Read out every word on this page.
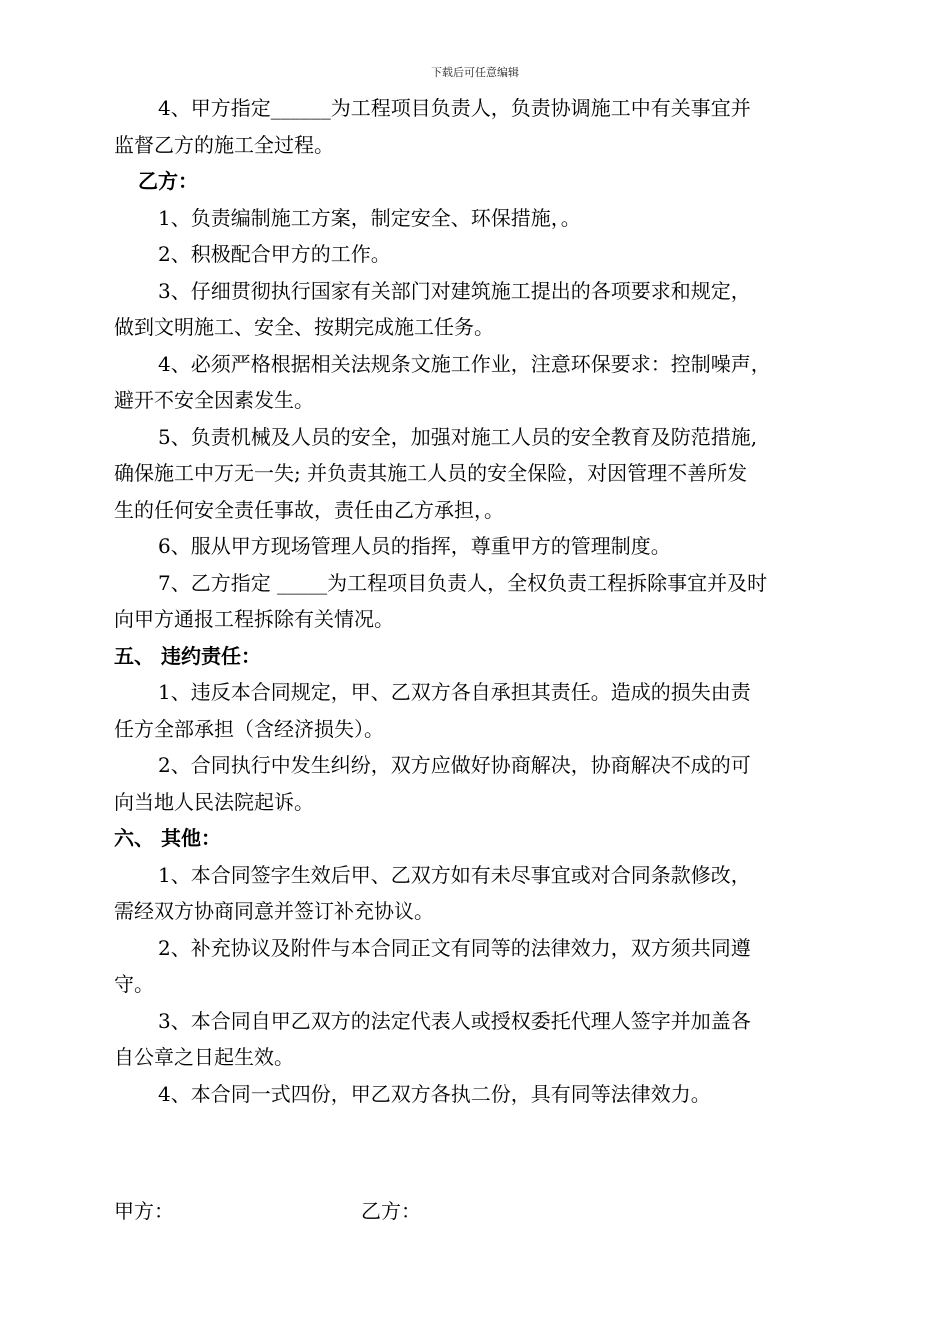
下载后可任意编辑

4、甲方指定______为工程项目负责人，负责协调施工中有关事宜并

监督乙方的施工全过程。

乙方：

1、负责编制施工方案，制定安全、环保措施，。

2、积极配合甲方的工作。

3、仔细贯彻执行国家有关部门对建筑施工提出的各项要求和规定，

做到文明施工、安全、按期完成施工任务。

4、必须严格根据相关法规条文施工作业，注意环保要求：控制噪声，

避开不安全因素发生。

5、负责机械及人员的安全，加强对施工人员的安全教育及防范措施,

确保施工中万无一失; 并负责其施工人员的安全保险，对因管理不善所发

生的任何安全责任事故，责任由乙方承担，。

6、服从甲方现场管理人员的指挥，尊重甲方的管理制度。

7、乙方指定 _____为工程项目负责人，全权负责工程拆除事宜并及时

向甲方通报工程拆除有关情况。

五、 违约责任：

1、违反本合同规定，甲、乙双方各自承担其责任。造成的损失由责

任方全部承担（含经济损失）。

2、合同执行中发生纠纷，双方应做好协商解决，协商解决不成的可

向当地人民法院起诉。

六、 其他：

1、本合同签字生效后甲、乙双方如有未尽事宜或对合同条款修改，

需经双方协商同意并签订补充协议。

2、补充协议及附件与本合同正文有同等的法律效力，双方须共同遵

守。

3、本合同自甲乙双方的法定代表人或授权委托代理人签字并加盖各

自公章之日起生效。

4、本合同一式四份，甲乙双方各执二份，具有同等法律效力。

甲方：	乙方：
